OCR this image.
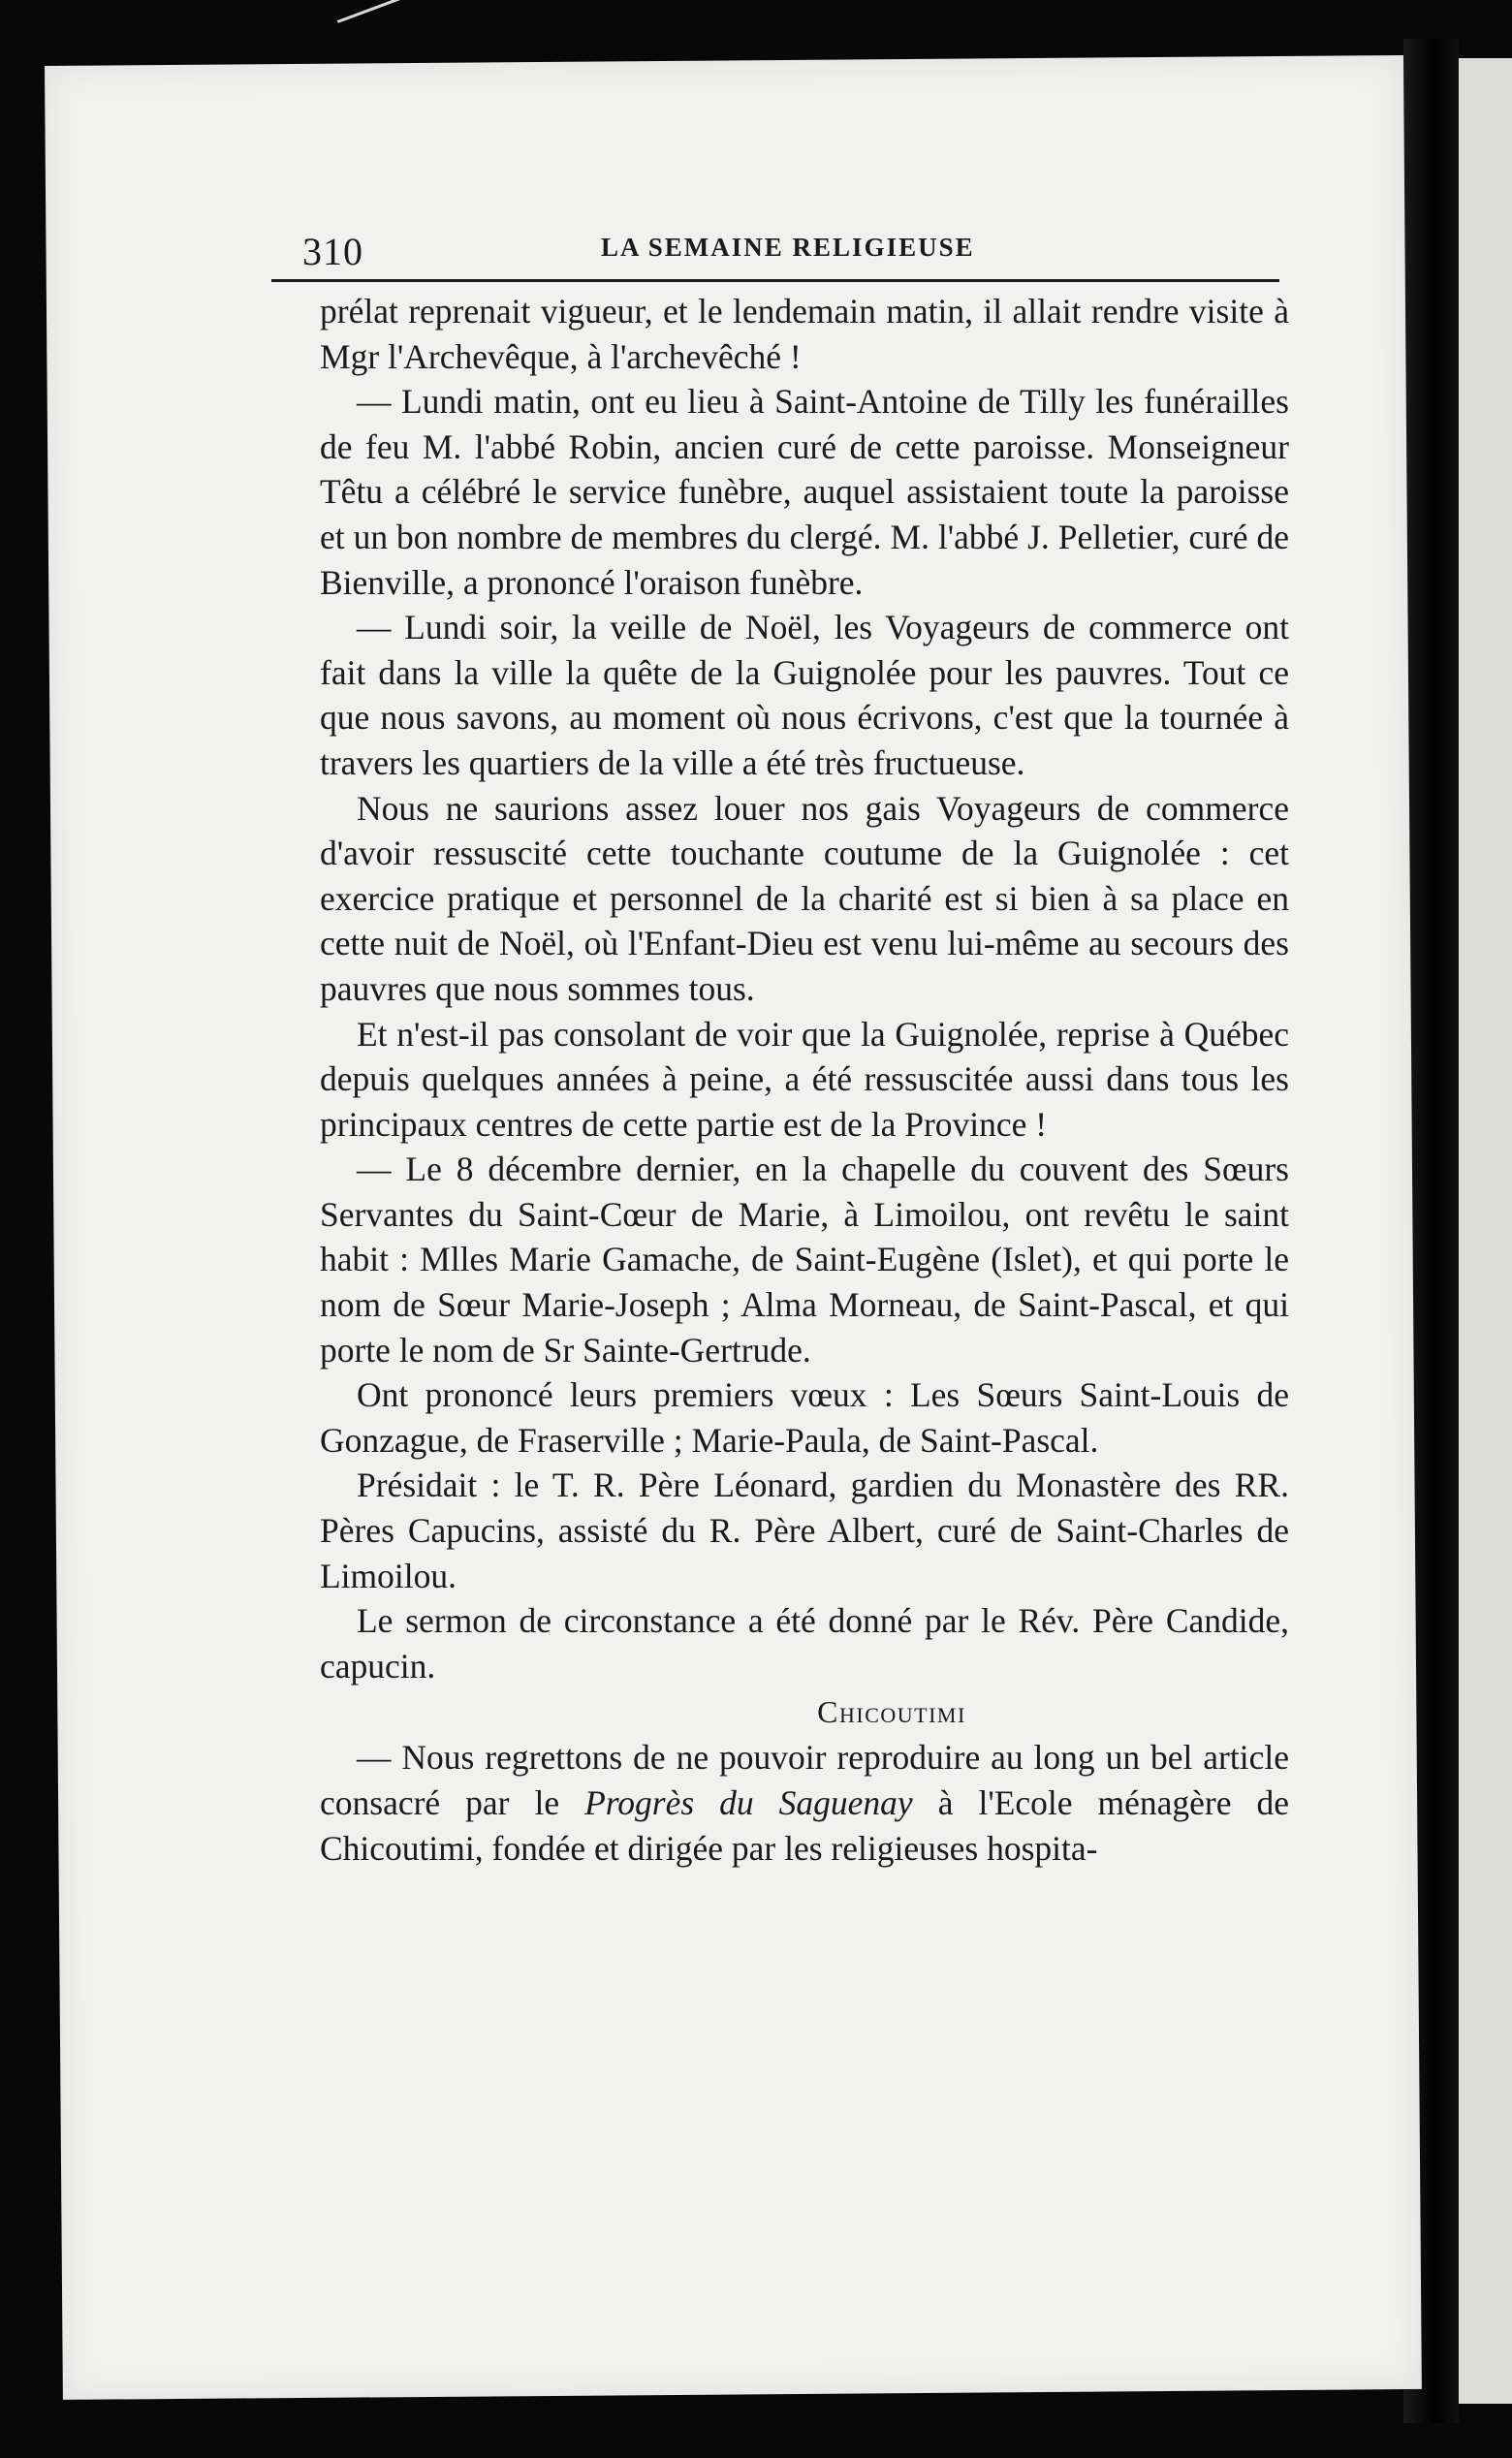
310	LA SEMAINE RELIGIEUSE

prélat reprenait vigueur, et le lendemain matin, il allait rendre visite à Mgr l'Archevêque, à l'archevêché !

— Lundi matin, ont eu lieu à Saint-Antoine de Tilly les funérailles de feu M. l'abbé Robin, ancien curé de cette paroisse. Monseigneur Têtu a célébré le service funèbre, auquel assistaient toute la paroisse et un bon nombre de membres du clergé. M. l'abbé J. Pelletier, curé de Bienville, a prononcé l'oraison funèbre.

— Lundi soir, la veille de Noël, les Voyageurs de commerce ont fait dans la ville la quête de la Guignolée pour les pauvres. Tout ce que nous savons, au moment où nous écrivons, c'est que la tournée à travers les quartiers de la ville a été très fructueuse.

Nous ne saurions assez louer nos gais Voyageurs de commerce d'avoir ressuscité cette touchante coutume de la Guignolée : cet exercice pratique et personnel de la charité est si bien à sa place en cette nuit de Noël, où l'Enfant-Dieu est venu lui-même au secours des pauvres que nous sommes tous.

Et n'est-il pas consolant de voir que la Guignolée, reprise à Québec depuis quelques années à peine, a été ressuscitée aussi dans tous les principaux centres de cette partie est de la Province !

— Le 8 décembre dernier, en la chapelle du couvent des Sœurs Servantes du Saint-Cœur de Marie, à Limoilou, ont revêtu le saint habit : Mlles Marie Gamache, de Saint-Eugène (Islet), et qui porte le nom de Sœur Marie-Joseph ; Alma Morneau, de Saint-Pascal, et qui porte le nom de Sr Sainte-Gertrude.

Ont prononcé leurs premiers vœux : Les Sœurs Saint-Louis de Gonzague, de Fraserville ; Marie-Paula, de Saint-Pascal.

Présidait : le T. R. Père Léonard, gardien du Monastère des RR. Pères Capucins, assisté du R. Père Albert, curé de Saint-Charles de Limoilou.

Le sermon de circonstance a été donné par le Rév. Père Candide, capucin.

Chicoutimi

— Nous regrettons de ne pouvoir reproduire au long un bel article consacré par le Progrès du Saguenay à l'Ecole ménagère de Chicoutimi, fondée et dirigée par les religieuses hospita-
